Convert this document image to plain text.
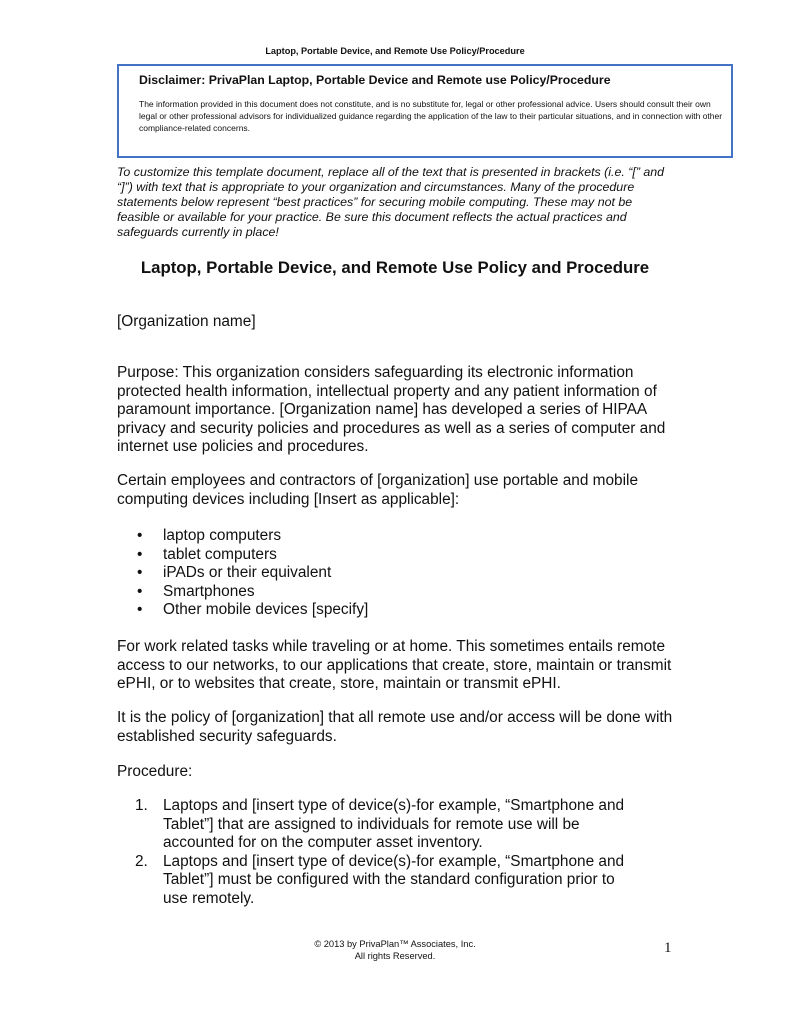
Laptop, Portable Device, and Remote Use Policy/Procedure
Disclaimer: PrivaPlan Laptop, Portable Device and Remote use Policy/Procedure
The information provided in this document does not constitute, and is no substitute for, legal or other professional advice. Users should consult their own legal or other professional advisors for individualized guidance regarding the application of the law to their particular situations, and in connection with other compliance-related concerns.
To customize this template document, replace all of the text that is presented in brackets (i.e. “[” and “]”) with text that is appropriate to your organization and circumstances. Many of the procedure statements below represent “best practices” for securing mobile computing. These may not be feasible or available for your practice. Be sure this document reflects the actual practices and safeguards currently in place!
Laptop, Portable Device, and Remote Use Policy and Procedure

[Organization name]

Purpose: This organization considers safeguarding its electronic information protected health information, intellectual property and any patient information of paramount importance. [Organization name] has developed a series of HIPAA privacy and security policies and procedures as well as a series of computer and internet use policies and procedures.

Certain employees and contractors of [organization] use portable and mobile computing devices including [Insert as applicable]:

• laptop computers
• tablet computers
• iPADs or their equivalent
• Smartphones
• Other mobile devices [specify]

For work related tasks while traveling or at home. This sometimes entails remote access to our networks, to our applications that create, store, maintain or transmit ePHI, or to websites that create, store, maintain or transmit ePHI.

It is the policy of [organization] that all remote use and/or access will be done with established security safeguards.

Procedure:

1. Laptops and [insert type of device(s)-for example, “Smartphone and Tablet”] that are assigned to individuals for remote use will be accounted for on the computer asset inventory.
2. Laptops and [insert type of device(s)-for example, “Smartphone and Tablet”] must be configured with the standard configuration prior to use remotely.
© 2013 by PrivaPlan™ Associates, Inc.
All rights Reserved.	1
